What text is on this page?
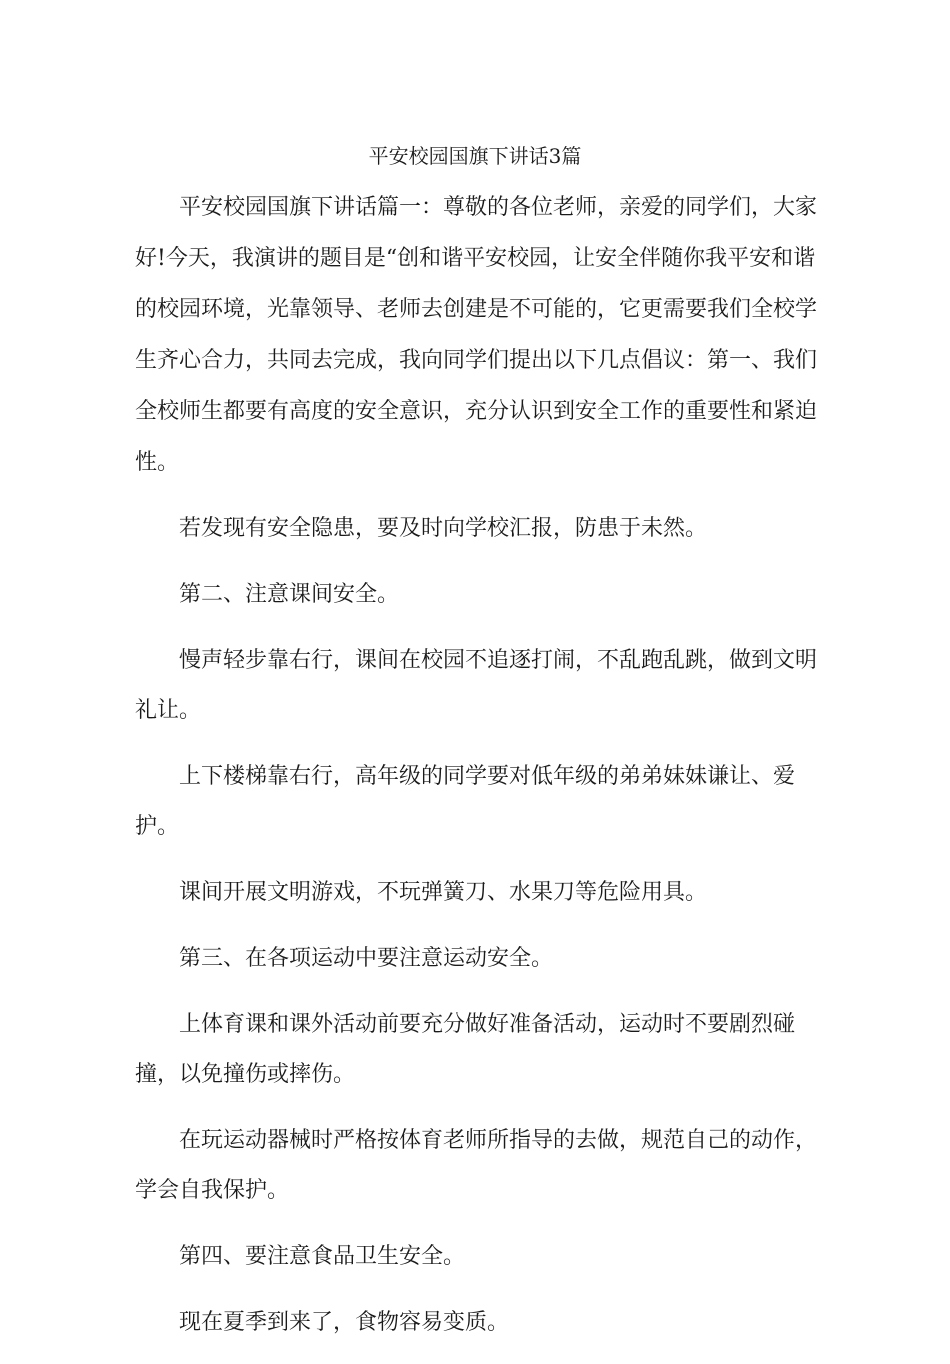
平安校园国旗下讲话3篇

平安校园国旗下讲话篇一：尊敬的各位老师，亲爱的同学们，大家好!今天，我演讲的题目是“创和谐平安校园，让安全伴随你我平安和谐的校园环境，光靠领导、老师去创建是不可能的，它更需要我们全校学生齐心合力，共同去完成，我向同学们提出以下几点倡议：第一、我们全校师生都要有高度的安全意识，充分认识到安全工作的重要性和紧迫性。

若发现有安全隐患，要及时向学校汇报，防患于未然。

第二、注意课间安全。

慢声轻步靠右行，课间在校园不追逐打闹，不乱跑乱跳，做到文明礼让。

上下楼梯靠右行，高年级的同学要对低年级的弟弟妹妹谦让、爱护。

课间开展文明游戏，不玩弹簧刀、水果刀等危险用具。

第三、在各项运动中要注意运动安全。

上体育课和课外活动前要充分做好准备活动，运动时不要剧烈碰撞，以免撞伤或摔伤。

在玩运动器械时严格按体育老师所指导的去做，规范自己的动作，学会自我保护。

第四、要注意食品卫生安全。

现在夏季到来了，食物容易变质。
